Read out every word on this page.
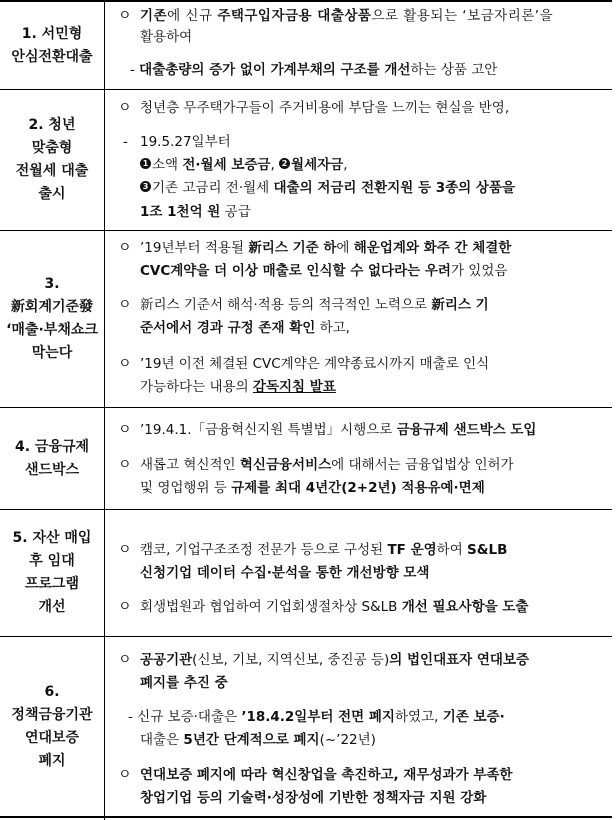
1. 서민형
안심전환대출
ㅇ 기존에 신규 주택구입자금용 대출상품으로 활용되는 ‘보금자리론’을
활용하여
- 대출총량의 증가 없이 가계부채의 구조를 개선하는 상품 고안
2. 청년
맞춤형
전월세 대출
출시
ㅇ 청년층 무주택가구들이 주거비용에 부담을 느끼는 현실을 반영,
- 19.5.27일부터
1 소액 전·월세 보증금, 2 월세자금,
3 기존 고금리 전·월세 대출의 저금리 전환지원 등 3종의 상품을
1조 1천억 원 공급
3.
新회계기준發
‘매출·부채쇼크
막는다
ㅇ ’19년부터 적용될 新리스 기준 하에 해운업계와 화주 간 체결한
CVC계약을 더 이상 매출로 인식할 수 없다라는 우려가 있었음
ㅇ 新리스 기준서 해석·적용 등의 적극적인 노력으로 新리스 기
준서에서 경과 규정 존재 확인 하고,
ㅇ ’19년 이전 체결된 CVC계약은 계약종료시까지 매출로 인식
가능하다는 내용의 감독지침 발표
4. 금융규제
샌드박스
ㅇ ’19.4.1.「금융혁신지원 특별법」시행으로 금융규제 샌드박스 도입
ㅇ 새롭고 혁신적인 혁신금융서비스에 대해서는 금융업법상 인허가
및 영업행위 등 규제를 최대 4년간(2+2년) 적용유예·면제
5. 자산 매입
후 임대
프로그램
개선
ㅇ 캠코, 기업구조조정 전문가 등으로 구성된 TF 운영하여 S&LB
신청기업 데이터 수집·분석을 통한 개선방향 모색
ㅇ 회생법원과 협업하여 기업회생절차상 S&LB 개선 필요사항을 도출
6.
정책금융기관
연대보증
폐지
ㅇ 공공기관(신보, 기보, 지역신보, 중진공 등)의 법인대표자 연대보증
폐지를 추진 중
- 신규 보증·대출은 ’18.4.2일부터 전면 폐지하였고, 기존 보증·
대출은 5년간 단계적으로 폐지(~’22년)
ㅇ 연대보증 폐지에 따라 혁신창업을 촉진하고, 재무성과가 부족한
창업기업 등의 기술력·성장성에 기반한 정책자금 지원 강화
